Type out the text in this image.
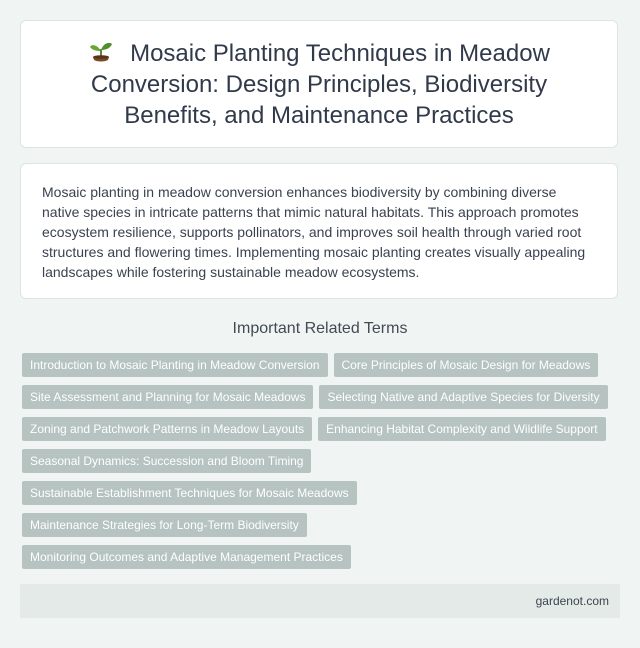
Mosaic Planting Techniques in Meadow Conversion: Design Principles, Biodiversity Benefits, and Maintenance Practices

Mosaic planting in meadow conversion enhances biodiversity by combining diverse native species in intricate patterns that mimic natural habitats. This approach promotes ecosystem resilience, supports pollinators, and improves soil health through varied root structures and flowering times. Implementing mosaic planting creates visually appealing landscapes while fostering sustainable meadow ecosystems.

Important Related Terms
Introduction to Mosaic Planting in Meadow Conversion Core Principles of Mosaic Design for Meadows
Site Assessment and Planning for Mosaic Meadows Selecting Native and Adaptive Species for Diversity
Zoning and Patchwork Patterns in Meadow Layouts Enhancing Habitat Complexity and Wildlife Support
Seasonal Dynamics: Succession and Bloom Timing
Sustainable Establishment Techniques for Mosaic Meadows
Maintenance Strategies for Long-Term Biodiversity
Monitoring Outcomes and Adaptive Management Practices
gardenot.com
